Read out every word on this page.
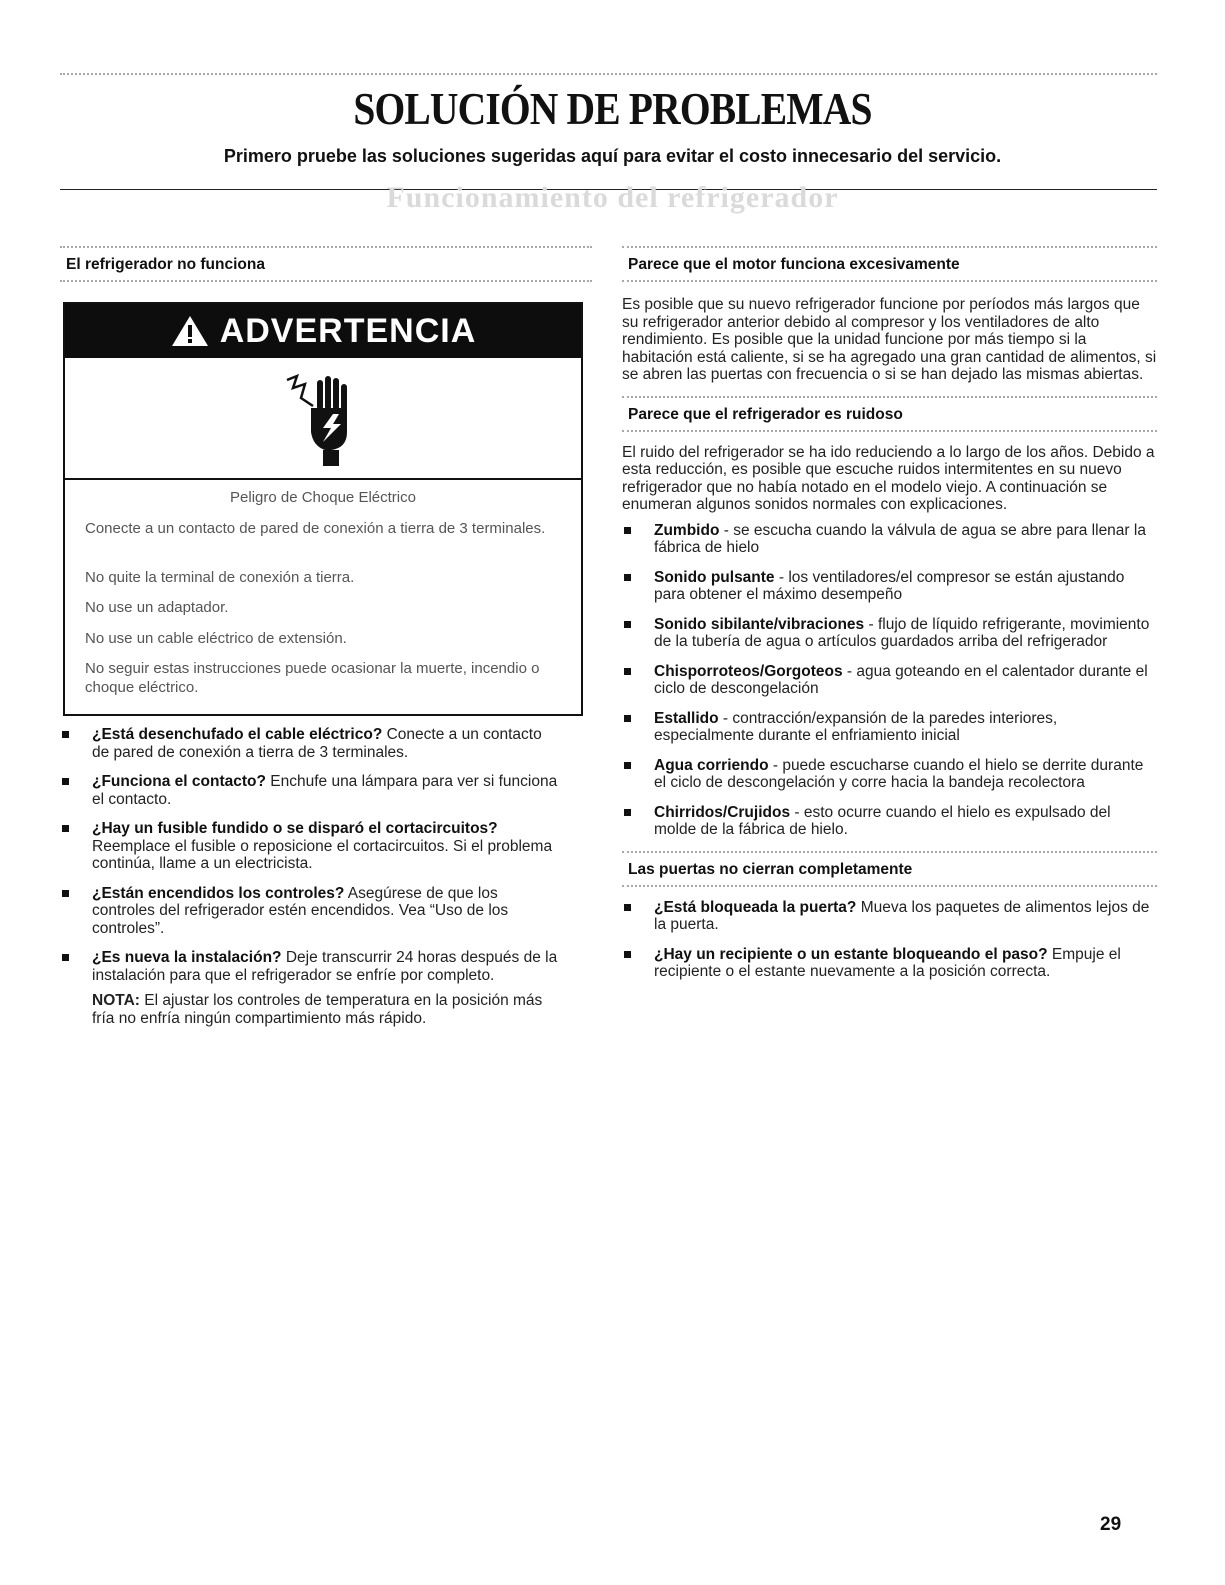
SOLUCIÓN DE PROBLEMAS

Primero pruebe las soluciones sugeridas aquí para evitar el costo innecesario del servicio.

Funcionamiento del refrigerador
El refrigerador no funciona
ADVERTENCIA
Peligro de Choque Eléctrico
Conecte a un contacto de pared de conexión a tierra de 3 terminales.
No quite la terminal de conexión a tierra.
No use un adaptador.
No use un cable eléctrico de extensión.
No seguir estas instrucciones puede ocasionar la muerte, incendio o choque eléctrico.
¿Está desenchufado el cable eléctrico? Conecte a un contacto de pared de conexión a tierra de 3 terminales.
¿Funciona el contacto? Enchufe una lámpara para ver si funciona el contacto.
¿Hay un fusible fundido o se disparó el cortacircuitos? Reemplace el fusible o reposicione el cortacircuitos. Si el problema continúa, llame a un electricista.
¿Están encendidos los controles? Asegúrese de que los controles del refrigerador estén encendidos. Vea “Uso de los controles”.
¿Es nueva la instalación? Deje transcurrir 24 horas después de la instalación para que el refrigerador se enfríe por completo.

NOTA: El ajustar los controles de temperatura en la posición más fría no enfría ningún compartimiento más rápido.

Parece que el motor funciona excesivamente

Es posible que su nuevo refrigerador funcione por períodos más largos que su refrigerador anterior debido al compresor y los ventiladores de alto rendimiento. Es posible que la unidad funcione por más tiempo si la habitación está caliente, si se ha agregado una gran cantidad de alimentos, si se abren las puertas con frecuencia o si se han dejado las mismas abiertas.

Parece que el refrigerador es ruidoso

El ruido del refrigerador se ha ido reduciendo a lo largo de los años. Debido a esta reducción, es posible que escuche ruidos intermitentes en su nuevo refrigerador que no había notado en el modelo viejo. A continuación se enumeran algunos sonidos normales con explicaciones.

Zumbido - se escucha cuando la válvula de agua se abre para llenar la fábrica de hielo
Sonido pulsante - los ventiladores/el compresor se están ajustando para obtener el máximo desempeño
Sonido sibilante/vibraciones - flujo de líquido refrigerante, movimiento de la tubería de agua o artículos guardados arriba del refrigerador
Chisporroteos/Gorgoteos - agua goteando en el calentador durante el ciclo de descongelación
Estallido - contracción/expansión de la paredes interiores, especialmente durante el enfriamiento inicial
Agua corriendo - puede escucharse cuando el hielo se derrite durante el ciclo de descongelación y corre hacia la bandeja recolectora
Chirridos/Crujidos - esto ocurre cuando el hielo es expulsado del molde de la fábrica de hielo.
Las puertas no cierran completamente
¿Está bloqueada la puerta? Mueva los paquetes de alimentos lejos de la puerta.
¿Hay un recipiente o un estante bloqueando el paso? Empuje el recipiente o el estante nuevamente a la posición correcta.
29
